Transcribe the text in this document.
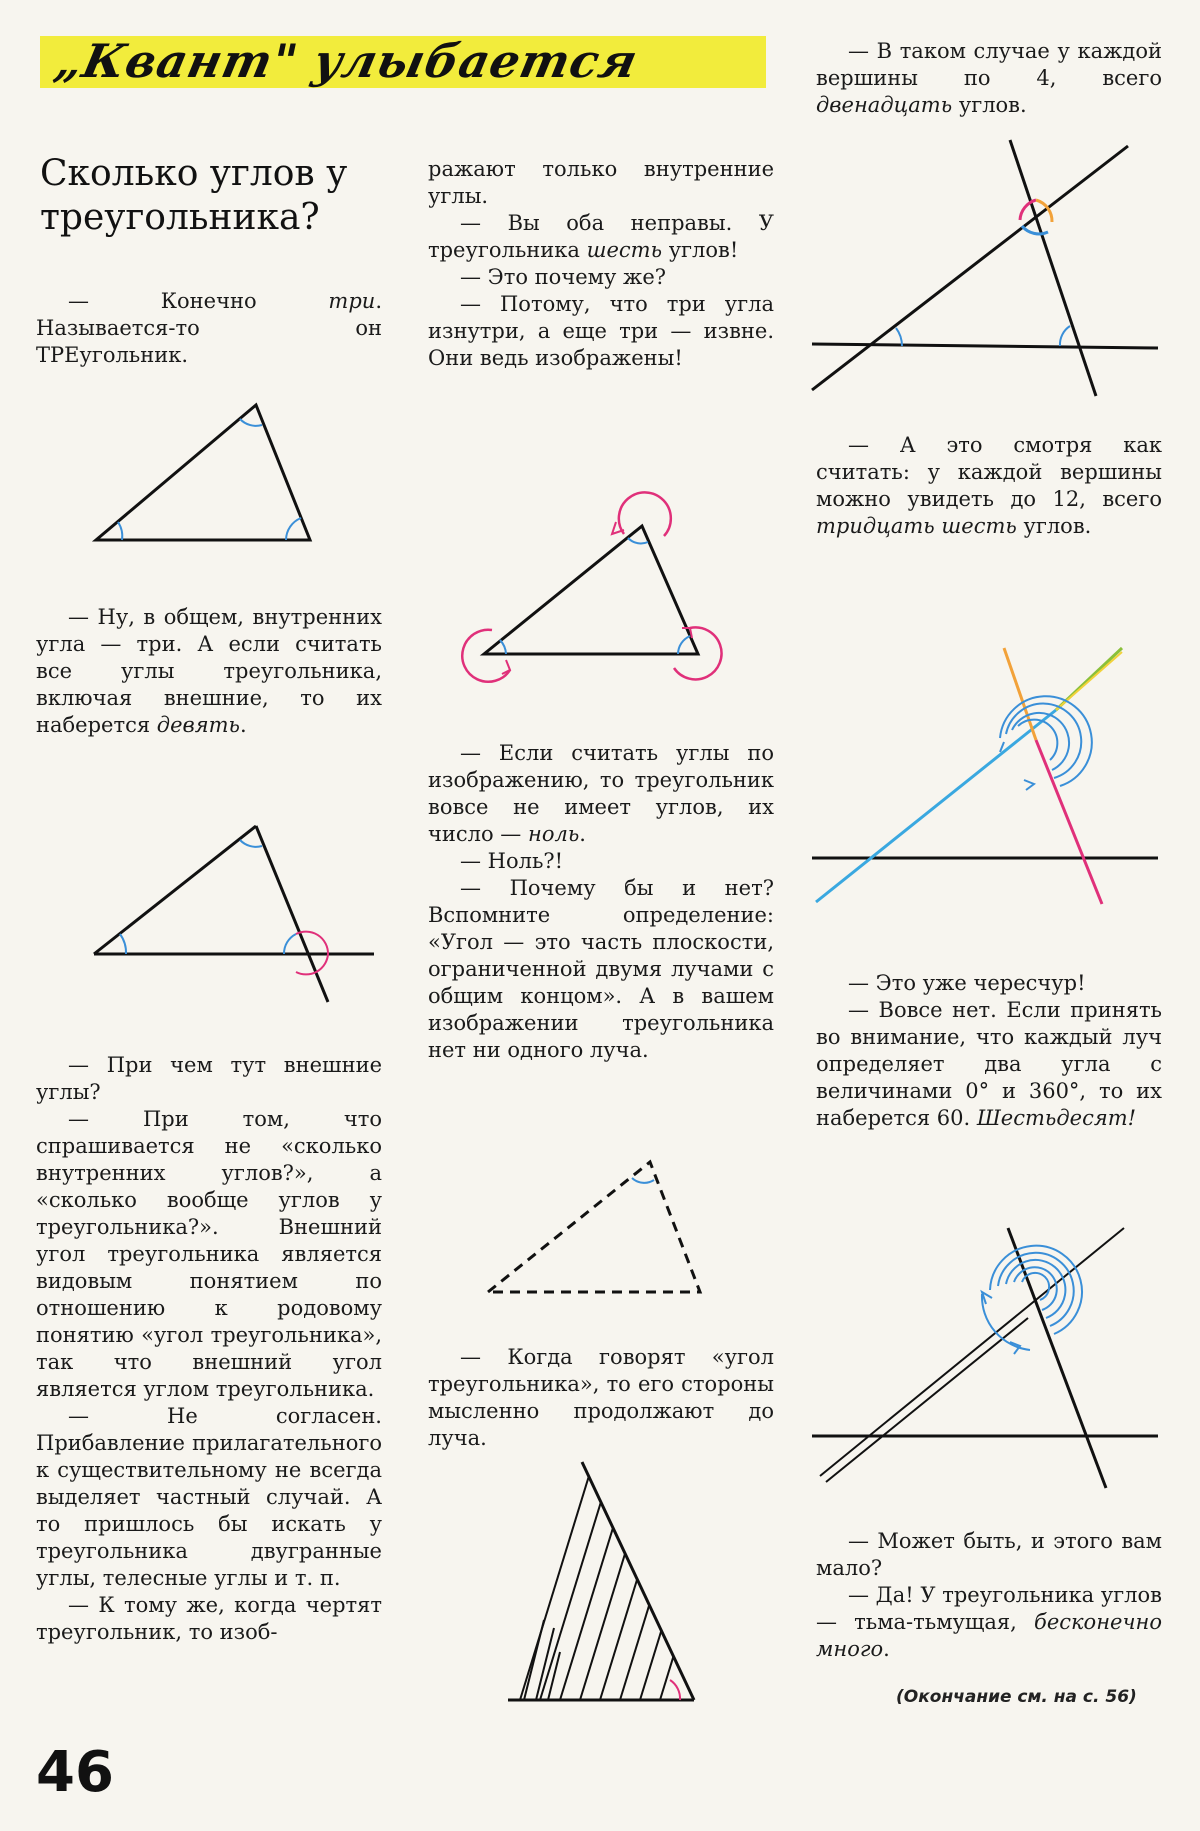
„Квант" улыбается
Сколько углов у треугольника?

— Конечно три. Называется-то он ТРЕугольник.

— Ну, в общем, внутренних угла — три. А если считать все углы треугольника, включая внешние, то их наберется девять.

— При чем тут внешние углы?

— При том, что спрашивается не «сколько внутренних углов?», а «сколько вообще углов у треугольника?». Внешний угол треугольника является видовым понятием по отношению к родовому понятию «угол треугольника», так что внешний угол является углом треугольника.

— Не согласен. Прибавление прилагательного к существительному не всегда выделяет частный случай. А то пришлось бы искать у треугольника двугранные углы, телесные углы и т. п.

— К тому же, когда чертят треугольник, то изоб-

ражают только внутренние углы.

— Вы оба неправы. У треугольника шесть углов!

— Это почему же?

— Потому, что три угла изнутри, а еще три — извне. Они ведь изображены!

— Если считать углы по изображению, то треугольник вовсе не имеет углов, их число — ноль.

— Ноль?!

— Почему бы и нет? Вспомните определение: «Угол — это часть плоскости, ограниченной двумя лучами с общим концом». А в вашем изображении треугольника нет ни одного луча.

— Когда говорят «угол треугольника», то его стороны мысленно продолжают до луча.

— В таком случае у каждой вершины по 4, всего двенадцать углов.

— А это смотря как считать: у каждой вершины можно увидеть до 12, всего тридцать шесть углов.

— Это уже чересчур!

— Вовсе нет. Если принять во внимание, что каждый луч определяет два угла с величинами 0° и 360°, то их наберется 60. Шестьдесят!

— Может быть, и этого вам мало?

— Да! У треугольника углов — тьма-тьмущая, бесконечно много.

(Окончание см. на с. 56)
46
